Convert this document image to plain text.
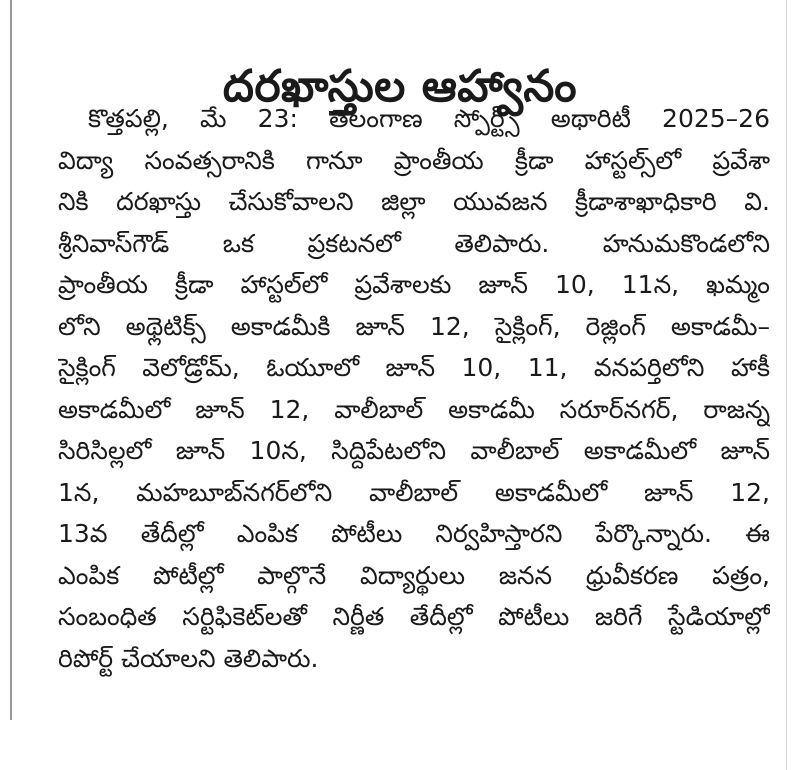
దరఖాస్తుల ఆహ్వానం
కొత్తపల్లి, మే 23: తెలంగాణ స్పోర్ట్స్ అథారిటీ 2025–26
విద్యా సంవత్సరానికి గానూ ప్రాంతీయ క్రీడా హాస్టల్స్‌లో ప్రవేశా
నికి దరఖాస్తు చేసుకోవాలని జిల్లా యువజన క్రీడాశాఖాధికారి వి.
శ్రీనివాస్‌గౌడ్ ఒక ప్రకటనలో తెలిపారు. హనుమకొండలోని
ప్రాంతీయ క్రీడా హాస్టల్‌లో ప్రవేశాలకు జూన్ 10, 11న, ఖమ్మం
లోని అథ్లెటిక్స్ అకాడమీకి జూన్ 12, సైక్లింగ్, రెజ్లింగ్ అకాడమీ–
సైక్లింగ్ వెలోడ్రోమ్, ఓయూలో జూన్ 10, 11, వనపర్తిలోని హాకీ
అకాడమీలో జూన్ 12, వాలీబాల్ అకాడమీ సరూర్‌నగర్, రాజన్న
సిరిసిల్లలో జూన్ 10న, సిద్దిపేటలోని వాలీబాల్ అకాడమీలో జూన్
1న, మహబూబ్‌నగర్‌లోని వాలీబాల్ అకాడమీలో జూన్ 12,
13వ తేదీల్లో ఎంపిక పోటీలు నిర్వహిస్తారని పేర్కొన్నారు. ఈ
ఎంపిక పోటీల్లో పాల్గొనే విద్యార్థులు జనన ధ్రువీకరణ పత్రం,
సంబంధిత సర్టిఫికెట్‌లతో నిర్ణీత తేదీల్లో పోటీలు జరిగే స్టేడియాల్లో
రిపోర్ట్ చేయాలని తెలిపారు.
